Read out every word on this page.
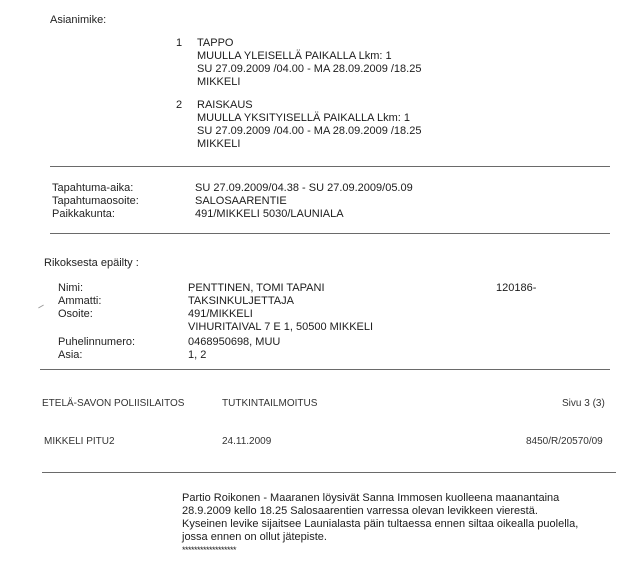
Asianimike:
1 TAPPO
MUULLA YLEISELLÄ PAIKALLA Lkm: 1
SU 27.09.2009 /04.00 - MA 28.09.2009 /18.25
MIKKELI
2 RAISKAUS
MUULLA YKSITYISELLÄ PAIKALLA Lkm: 1
SU 27.09.2009 /04.00 - MA 28.09.2009 /18.25
MIKKELI
Tapahtuma-aika:	SU 27.09.2009/04.38 - SU 27.09.2009/05.09
Tapahtumaosoite:	SALOSAARENTIE
Paikkakunta:	491/MIKKELI 5030/LAUNIALA
Rikoksesta epäilty :
Nimi:	PENTTINEN, TOMI TAPANI	120186-
Ammatti:	TAKSINKULJETTAJA
Osoite:	491/MIKKELI
VIHURITAIVAL 7 E 1, 50500 MIKKELI
Puhelinnumero:	0468950698, MUU
Asia:	1, 2
ETELÄ-SAVON POLIISILAITOS	TUTKINTAILMOITUS	Sivu 3 (3)
MIKKELI PITU2	24.11.2009	8450/R/20570/09
Partio Roikonen - Maaranen löysivät Sanna Immosen kuolleena maanantaina
28.9.2009 kello 18.25 Salosaarentien varressa olevan levikkeen vierestä.
Kyseinen levike sijaitsee Launialasta päin tultaessa ennen siltaa oikealla puolella,
jossa ennen on ollut jätepiste.
******************
